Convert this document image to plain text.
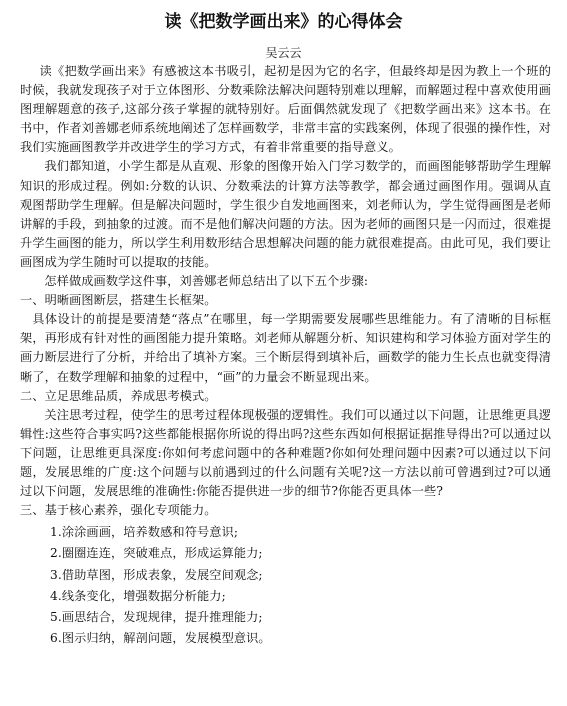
读《把数学画出来》的心得体会
吴云云

读《把数学画出来》有感被这本书吸引，起初是因为它的名字，但最终却是因为教上一个班的时候，我就发现孩子对于立体图形、分数乘除法解决问题特别难以理解，而解题过程中喜欢使用画图理解题意的孩子,这部分孩子掌握的就特别好。后面偶然就发现了《把数学画出来》这本书。在书中，作者刘善娜老师系统地阐述了怎样画数学，非常丰富的实践案例，体现了很强的操作性，对我们实施画图教学并改进学生的学习方式，有着非常重要的指导意义。

我们都知道，小学生都是从直观、形象的图像开始入门学习数学的，而画图能够帮助学生理解知识的形成过程。例如:分数的认识、分数乘法的计算方法等教学，都会通过画图作用。强调从直观图帮助学生理解。但是解决问题时，学生很少自发地画图来，刘老师认为，学生觉得画图是老师讲解的手段，到抽象的过渡。而不是他们解决问题的方法。因为老师的画图只是一闪而过，很难提升学生画图的能力，所以学生利用数形结合思想解决问题的能力就很难提高。由此可见，我们要让画图成为学生随时可以提取的技能。

怎样做成画数学这件事，刘善娜老师总结出了以下五个步骤:

一、明晰画图断层，搭建生长框架。

具体设计的前提是要清楚“落点”在哪里，每一学期需要发展哪些思维能力。有了清晰的目标框架，再形成有针对性的画图能力提升策略。刘老师从解题分析、知识建构和学习体验方面对学生的画力断层进行了分析，并给出了填补方案。三个断层得到填补后，画数学的能力生长点也就变得清晰了，在数学理解和抽象的过程中，“画”的力量会不断显现出来。

二、立足思维品质，养成思考模式。

关注思考过程，使学生的思考过程体现极强的逻辑性。我们可以通过以下问题，让思维更具逻辑性:这些符合事实吗?这些都能根据你所说的得出吗?这些东西如何根据证据推导得出?可以通过以下问题，让思维更具深度:你如何考虑问题中的各种难题?你如何处理问题中因素?可以通过以下问题，发展思维的广度:这个问题与以前遇到过的什么问题有关呢?这一方法以前可曾遇到过?可以通过以下问题，发展思维的准确性:你能否提供进一步的细节?你能否更具体一些?

三、基于核心素养，强化专项能力。

1.涂涂画画，培养数感和符号意识;
2.圈圈连连，突破难点，形成运算能力;
3.借助草图，形成表象，发展空间观念;
4.线条变化，增强数据分析能力;
5.画思结合，发现规律，提升推理能力;
6.图示归纳，解剖问题，发展模型意识。
